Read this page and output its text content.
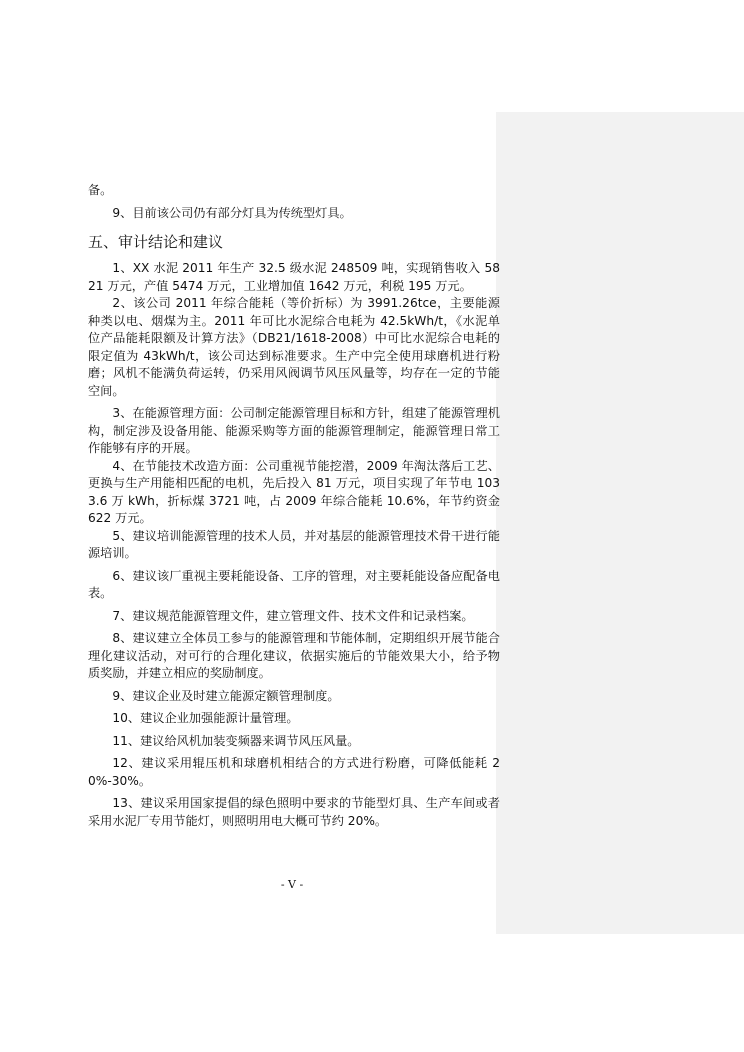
备。

9、目前该公司仍有部分灯具为传统型灯具。

五、审计结论和建议

1、XX 水泥 2011 年生产 32.5 级水泥 248509 吨，实现销售收入 5821 万元，产值 5474 万元，工业增加值 1642 万元，利税 195 万元。

2、该公司 2011 年综合能耗（等价折标）为 3991.26tce，主要能源种类以电、烟煤为主。2011 年可比水泥综合电耗为 42.5kWh/t，《水泥单位产品能耗限额及计算方法》（DB21/1618-2008）中可比水泥综合电耗的限定值为 43kWh/t，该公司达到标准要求。生产中完全使用球磨机进行粉磨；风机不能满负荷运转，仍采用风阀调节风压风量等，均存在一定的节能空间。

3、在能源管理方面：公司制定能源管理目标和方针，组建了能源管理机构，制定涉及设备用能、能源采购等方面的能源管理制定，能源管理日常工作能够有序的开展。

4、在节能技术改造方面：公司重视节能挖潜，2009 年淘汰落后工艺、更换与生产用能相匹配的电机，先后投入 81 万元，项目实现了年节电 1033.6 万 kWh，折标煤 3721 吨，占 2009 年综合能耗 10.6%，年节约资金 622 万元。

5、建议培训能源管理的技术人员，并对基层的能源管理技术骨干进行能源培训。

6、建议该厂重视主要耗能设备、工序的管理，对主要耗能设备应配备电表。

7、建议规范能源管理文件，建立管理文件、技术文件和记录档案。

8、建议建立全体员工参与的能源管理和节能体制，定期组织开展节能合理化建议活动，对可行的合理化建议，依据实施后的节能效果大小，给予物质奖励，并建立相应的奖励制度。

9、建议企业及时建立能源定额管理制度。

10、建议企业加强能源计量管理。

11、建议给风机加装变频器来调节风压风量。

12、建议采用辊压机和球磨机相结合的方式进行粉磨，可降低能耗 20%-30%。

13、建议采用国家提倡的绿色照明中要求的节能型灯具、生产车间或者采用水泥厂专用节能灯，则照明用电大概可节约 20%。

- V -
